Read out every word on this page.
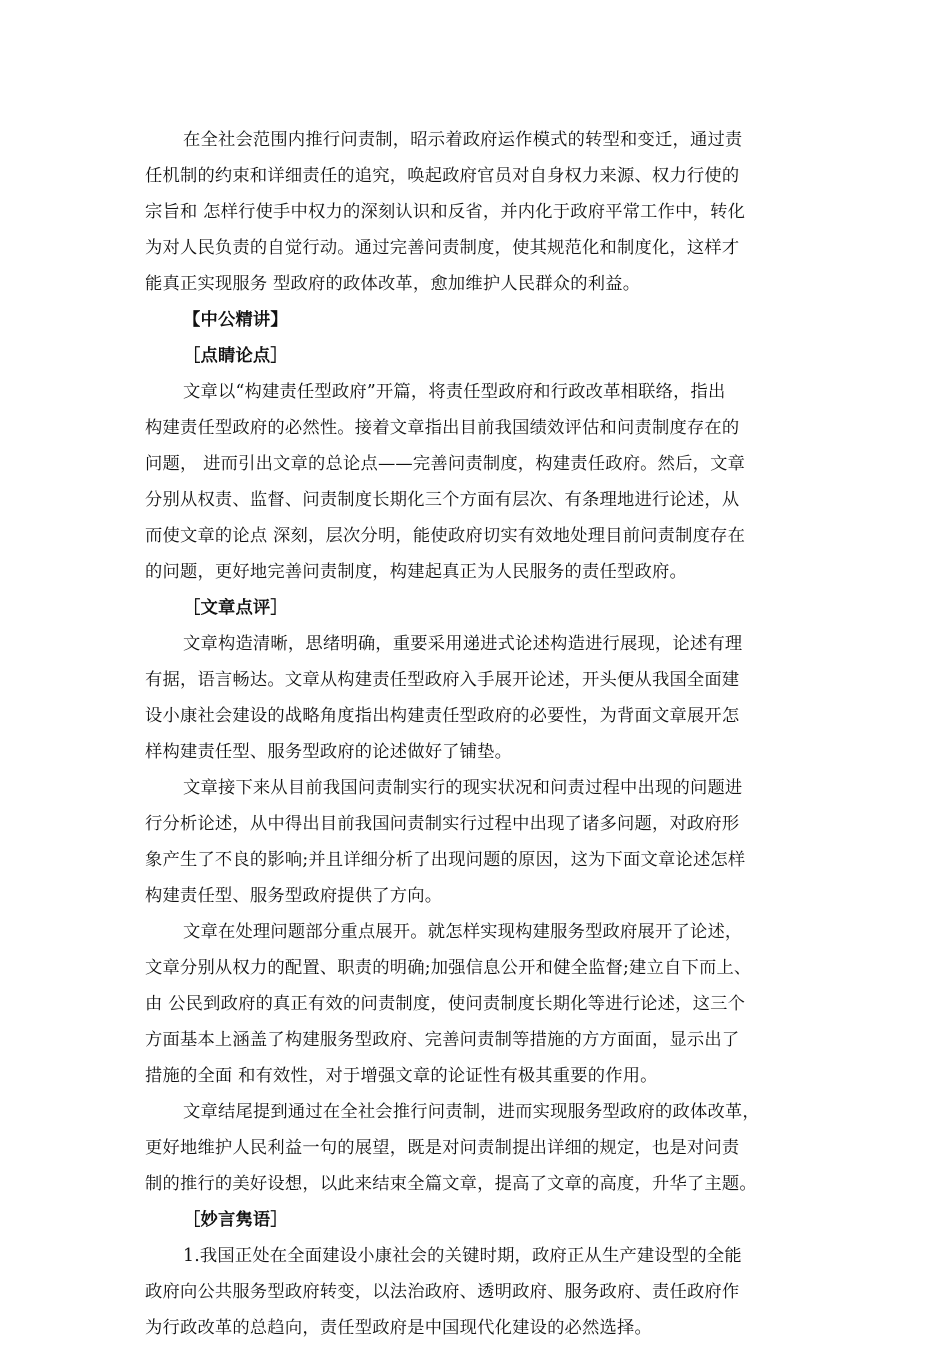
在全社会范围内推行问责制，昭示着政府运作模式的转型和变迁，通过责
任机制的约束和详细责任的追究，唤起政府官员对自身权力来源、权力行使的
宗旨和 怎样行使手中权力的深刻认识和反省，并内化于政府平常工作中，转化
为对人民负责的自觉行动。通过完善问责制度，使其规范化和制度化，这样才
能真正实现服务 型政府的政体改革，愈加维护人民群众的利益。
【中公精讲】
［点睛论点］
文章以“构建责任型政府”开篇，将责任型政府和行政改革相联络，指出
构建责任型政府的必然性。接着文章指出目前我国绩效评估和问责制度存在的
问题， 进而引出文章的总论点——完善问责制度，构建责任政府。然后，文章
分别从权责、监督、问责制度长期化三个方面有层次、有条理地进行论述，从
而使文章的论点 深刻，层次分明，能使政府切实有效地处理目前问责制度存在
的问题，更好地完善问责制度，构建起真正为人民服务的责任型政府。
［文章点评］
文章构造清晰，思绪明确，重要采用递进式论述构造进行展现，论述有理
有据，语言畅达。文章从构建责任型政府入手展开论述，开头便从我国全面建
设小康社会建设的战略角度指出构建责任型政府的必要性，为背面文章展开怎
样构建责任型、服务型政府的论述做好了铺垫。
文章接下来从目前我国问责制实行的现实状况和问责过程中出现的问题进
行分析论述，从中得出目前我国问责制实行过程中出现了诸多问题，对政府形
象产生了不良的影响;并且详细分析了出现问题的原因，这为下面文章论述怎样
构建责任型、服务型政府提供了方向。
文章在处理问题部分重点展开。就怎样实现构建服务型政府展开了论述，
文章分别从权力的配置、职责的明确;加强信息公开和健全监督;建立自下而上、
由 公民到政府的真正有效的问责制度，使问责制度长期化等进行论述，这三个
方面基本上涵盖了构建服务型政府、完善问责制等措施的方方面面，显示出了
措施的全面 和有效性，对于增强文章的论证性有极其重要的作用。
文章结尾提到通过在全社会推行问责制，进而实现服务型政府的政体改革，
更好地维护人民利益一句的展望，既是对问责制提出详细的规定，也是对问责
制的推行的美好设想，以此来结束全篇文章，提高了文章的高度，升华了主题。
［妙言隽语］
1.我国正处在全面建设小康社会的关键时期，政府正从生产建设型的全能
政府向公共服务型政府转变，以法治政府、透明政府、服务政府、责任政府作
为行政改革的总趋向，责任型政府是中国现代化建设的必然选择。
